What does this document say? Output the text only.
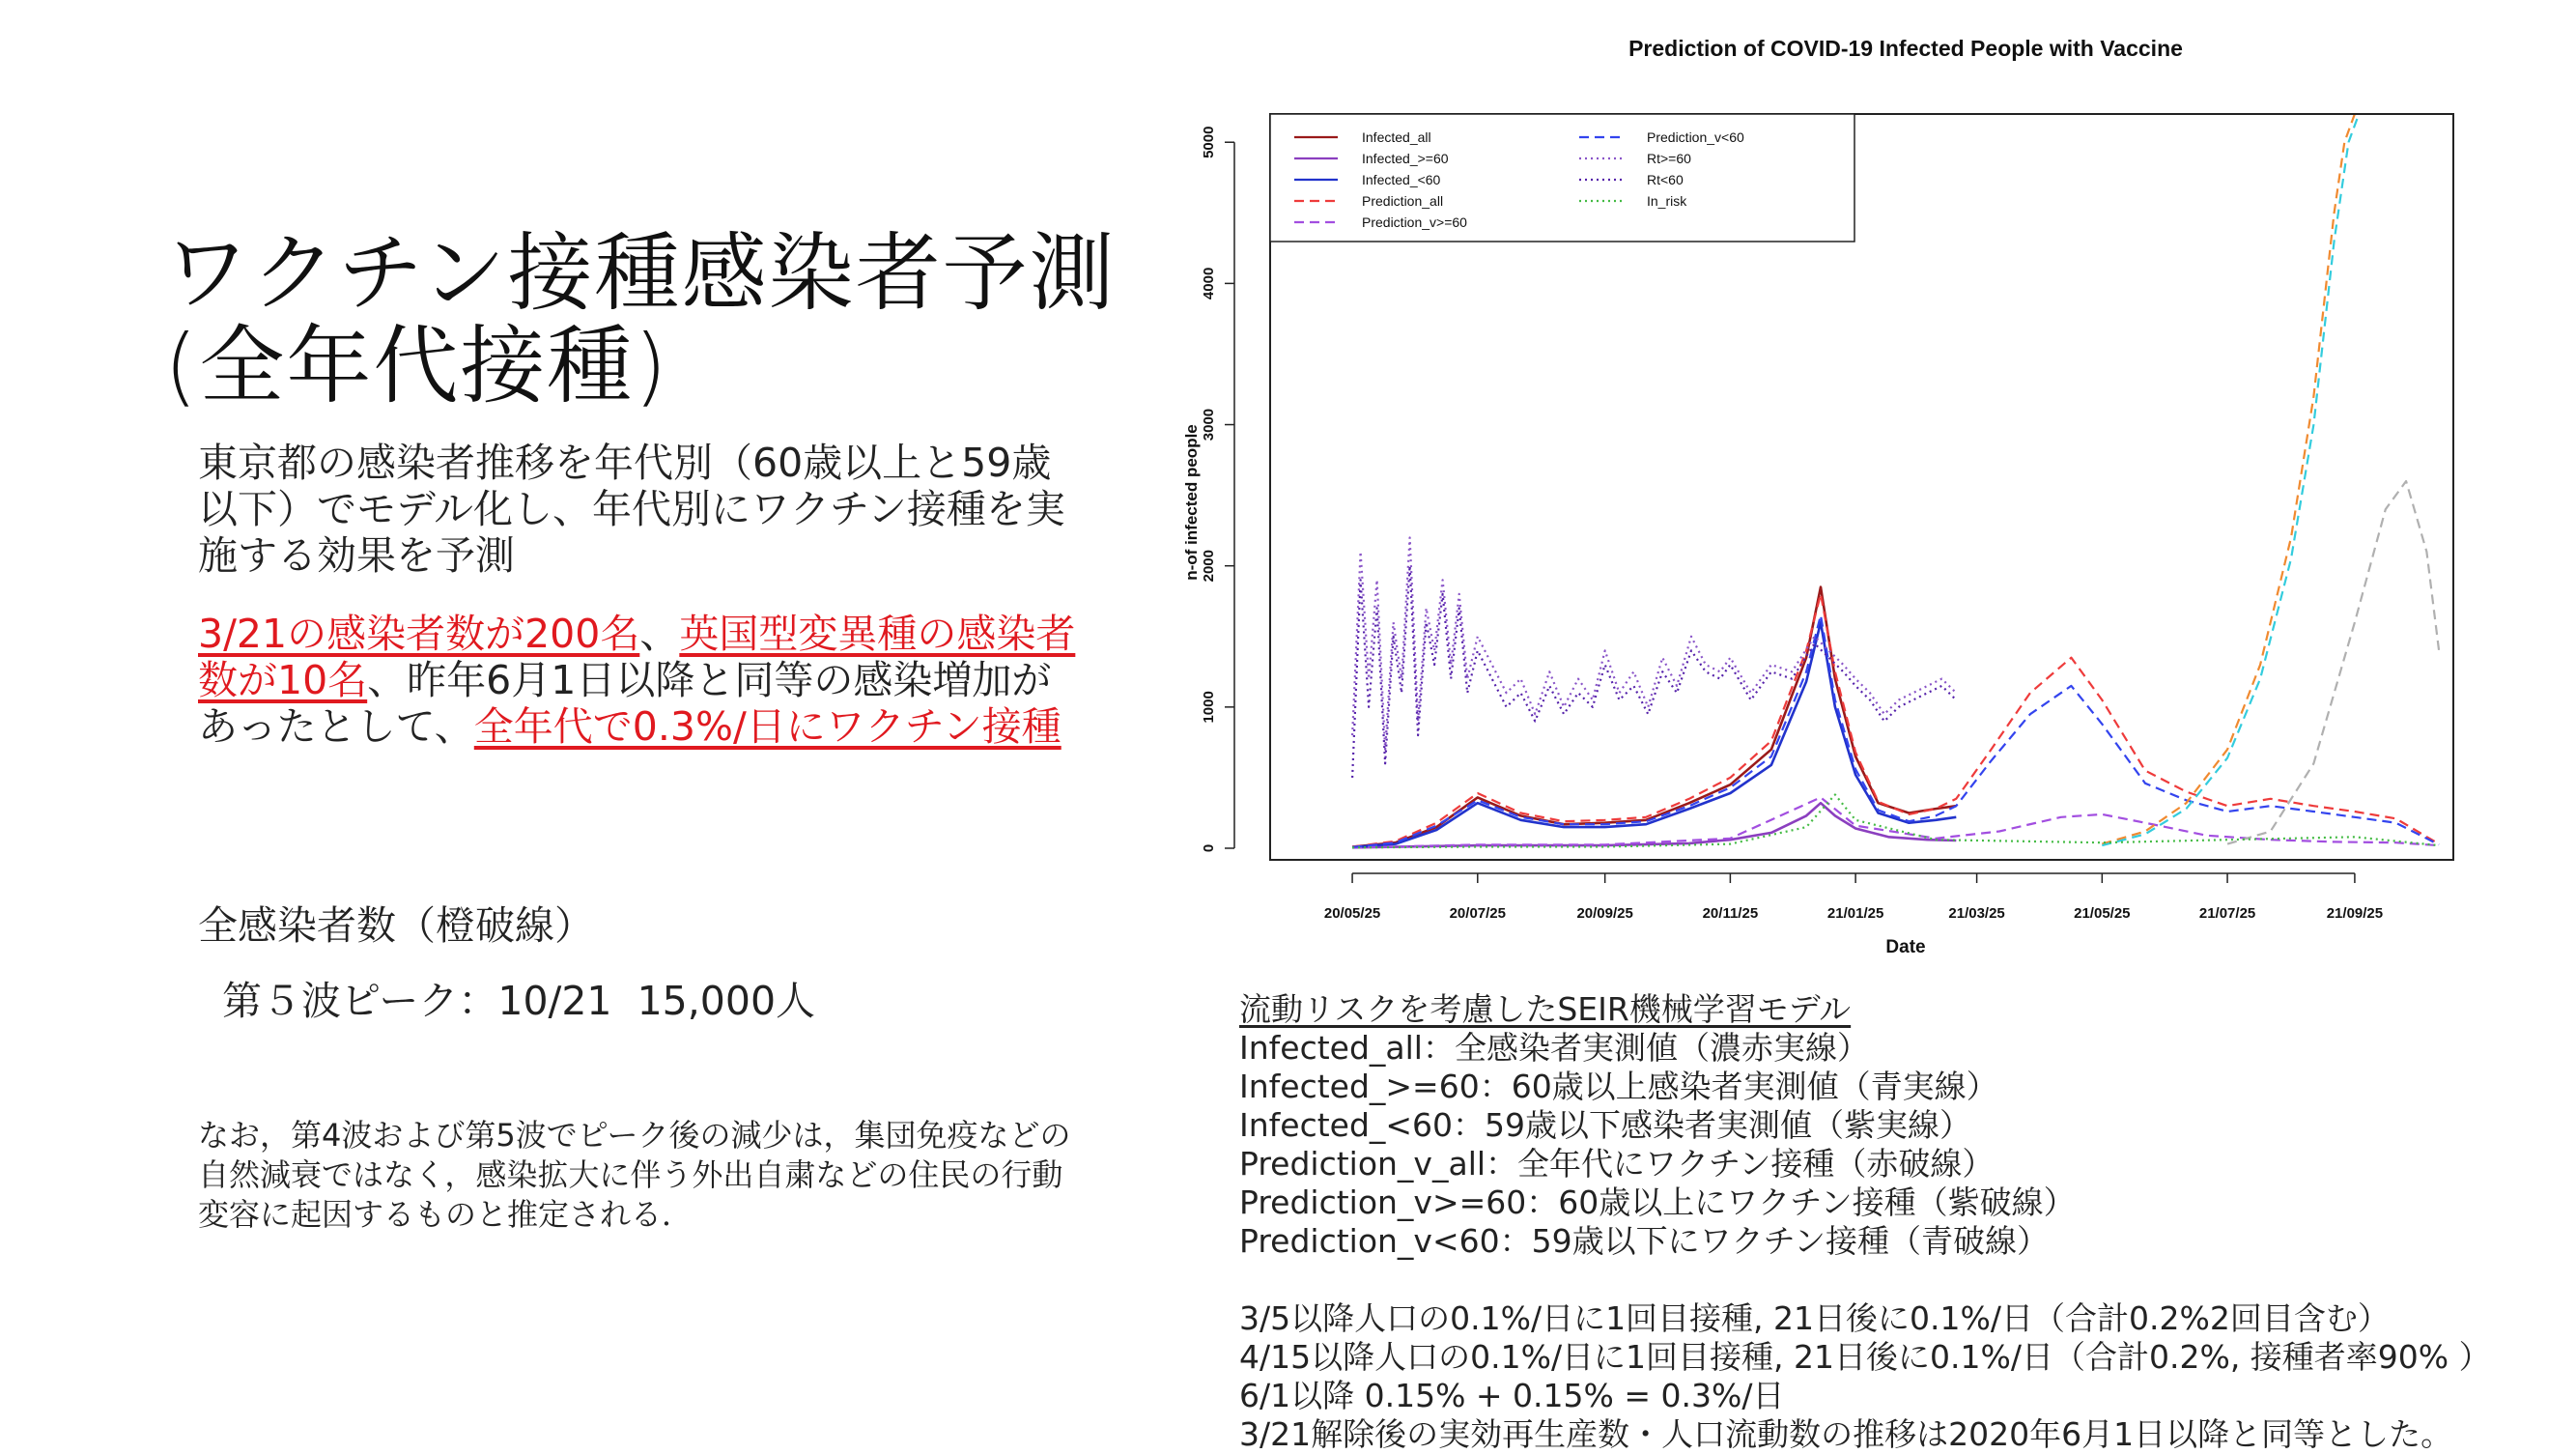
ワクチン接種感染者予測
(全年代接種)
東京都の感染者推移を年代別（60歳以上と59歳以下）でモデル化し、年代別にワクチン接種を実施する効果を予測
3/21の感染者数が200名、英国型変異種の感染者数が10名、昨年6月1日以降と同等の感染増加があったとして、全年代で0.3%/日にワクチン接種
全感染者数（橙破線）
第５波ピーク：10/21  15,000人
なお，第4波および第5波でピーク後の減少は，集団免疫などの自然減衰ではなく，感染拡大に伴う外出自粛などの住民の行動変容に起因するものと推定される．
Prediction of COVID-19 Infected People with Vaccine
0
1000
2000
3000
4000
5000
20/05/25	20/07/25	20/09/25	20/11/25	21/01/25	21/03/25	21/05/25	21/07/25	21/09/25
n-of infected people
Date
Infected_all
Infected_>=60
Infected_<60
Prediction_all
Prediction_v>=60
Prediction_v<60
Rt>=60
Rt<60
In_risk
流動リスクを考慮したSEIR機械学習モデル
Infected_all：全感染者実測値（濃赤実線）
Infected_>=60：60歳以上感染者実測値（青実線）
Infected_<60：59歳以下感染者実測値（紫実線）
Prediction_v_all：全年代にワクチン接種（赤破線）
Prediction_v>=60：60歳以上にワクチン接種（紫破線）
Prediction_v<60：59歳以下にワクチン接種（青破線）
3/5以降人口の0.1%/日に1回目接種, 21日後に0.1%/日（合計0.2%2回目含む）
4/15以降人口の0.1%/日に1回目接種, 21日後に0.1%/日（合計0.2%, 接種者率90% ）
6/1以降 0.15% + 0.15% = 0.3%/日
3/21解除後の実効再生産数・人口流動数の推移は2020年6月1日以降と同等とした。
